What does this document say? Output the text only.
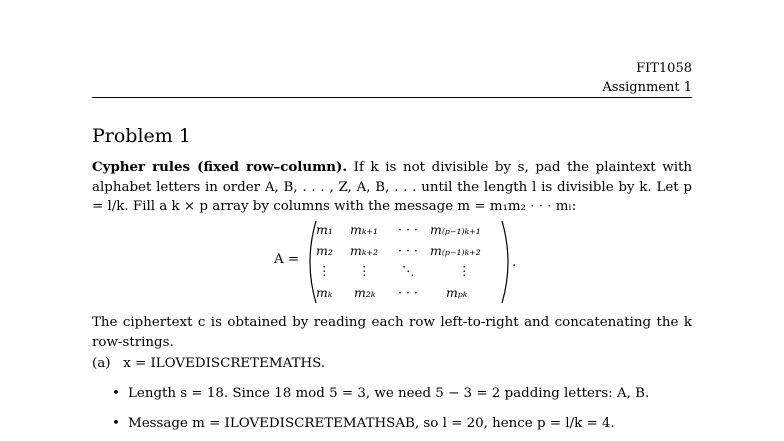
FIT1058
Assignment 1
Problem 1
Cypher rules (fixed row–column). If k is not divisible by s, pad the plaintext with alphabet letters in order A, B, . . . , Z, A, B, . . . until the length l is divisible by k. Let p = l/k. Fill a k × p array by columns with the message m = m₁m₂ · · · mₗ:
A =
m₁ mₖ₊₁ · · · m₍ₚ₋₁₎ₖ₊₁
m₂ mₖ₊₂ · · · m₍ₚ₋₁₎ₖ₊₂
⋮ ⋮	⋱	⋮
mₖ m₂ₖ · · · mₚₖ
.
The ciphertext c is obtained by reading each row left-to-right and concatenating the k row-strings.
(a) x = ILOVEDISCRETEMATHS.
• Length s = 18. Since 18 mod 5 = 3, we need 5 − 3 = 2 padding letters: A, B.
• Message m = ILOVEDISCRETEMATHSAB, so l = 20, hence p = l/k = 4.
